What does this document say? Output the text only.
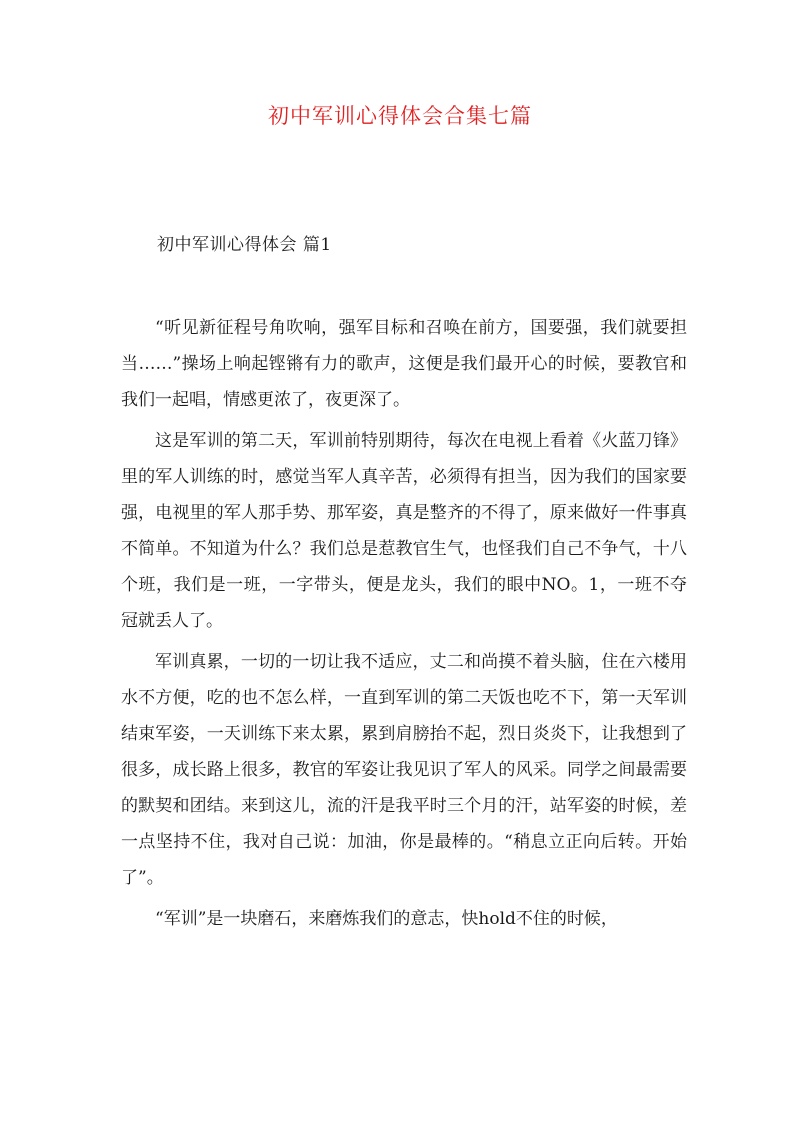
初中军训心得体会合集七篇
初中军训心得体会 篇1

“听见新征程号角吹响，强军目标和召唤在前方，国要强，我们就要担当……”操场上响起铿锵有力的歌声，这便是我们最开心的时候，要教官和我们一起唱，情感更浓了，夜更深了。

这是军训的第二天，军训前特别期待，每次在电视上看着《火蓝刀锋》里的军人训练的时，感觉当军人真辛苦，必须得有担当，因为我们的国家要强，电视里的军人那手势、那军姿，真是整齐的不得了，原来做好一件事真不简单。不知道为什么？我们总是惹教官生气，也怪我们自己不争气，十八个班，我们是一班，一字带头，便是龙头，我们的眼中NO。1，一班不夺冠就丢人了。

军训真累，一切的一切让我不适应，丈二和尚摸不着头脑，住在六楼用水不方便，吃的也不怎么样，一直到军训的第二天饭也吃不下，第一天军训结束军姿，一天训练下来太累，累到肩膀抬不起，烈日炎炎下，让我想到了很多，成长路上很多，教官的军姿让我见识了军人的风采。同学之间最需要的默契和团结。来到这儿，流的汗是我平时三个月的汗，站军姿的时候，差一点坚持不住，我对自己说：加油，你是最棒的。“稍息立正向后转。开始了”。

“军训”是一块磨石，来磨炼我们的意志，快hold不住的时候，
